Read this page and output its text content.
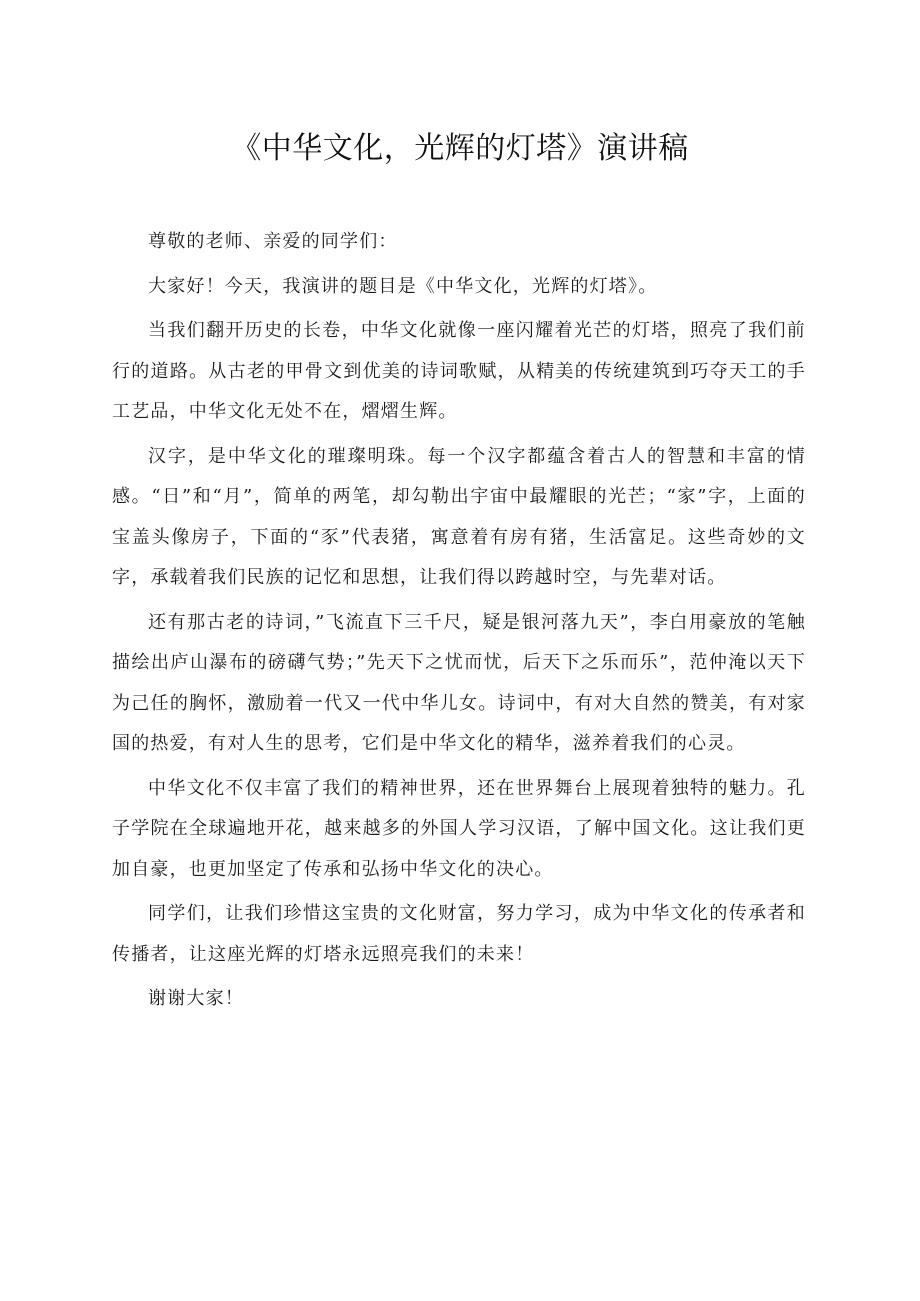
《中华文化，光辉的灯塔》演讲稿

尊敬的老师、亲爱的同学们：

大家好！今天，我演讲的题目是《中华文化，光辉的灯塔》。

当我们翻开历史的长卷，中华文化就像一座闪耀着光芒的灯塔，照亮了我们前行的道路。从古老的甲骨文到优美的诗词歌赋，从精美的传统建筑到巧夺天工的手工艺品，中华文化无处不在，熠熠生辉。

汉字，是中华文化的璀璨明珠。每一个汉字都蕴含着古人的智慧和丰富的情感。“日”和“月”，简单的两笔，却勾勒出宇宙中最耀眼的光芒；“家”字，上面的宝盖头像房子，下面的“豕”代表猪，寓意着有房有猪，生活富足。这些奇妙的文字，承载着我们民族的记忆和思想，让我们得以跨越时空，与先辈对话。

还有那古老的诗词，”飞流直下三千尺，疑是银河落九天”，李白用豪放的笔触描绘出庐山瀑布的磅礴气势；”先天下之忧而忧，后天下之乐而乐”，范仲淹以天下为己任的胸怀，激励着一代又一代中华儿女。诗词中，有对大自然的赞美，有对家国的热爱，有对人生的思考，它们是中华文化的精华，滋养着我们的心灵。

中华文化不仅丰富了我们的精神世界，还在世界舞台上展现着独特的魅力。孔子学院在全球遍地开花，越来越多的外国人学习汉语，了解中国文化。这让我们更加自豪，也更加坚定了传承和弘扬中华文化的决心。

同学们，让我们珍惜这宝贵的文化财富，努力学习，成为中华文化的传承者和传播者，让这座光辉的灯塔永远照亮我们的未来！

谢谢大家！
